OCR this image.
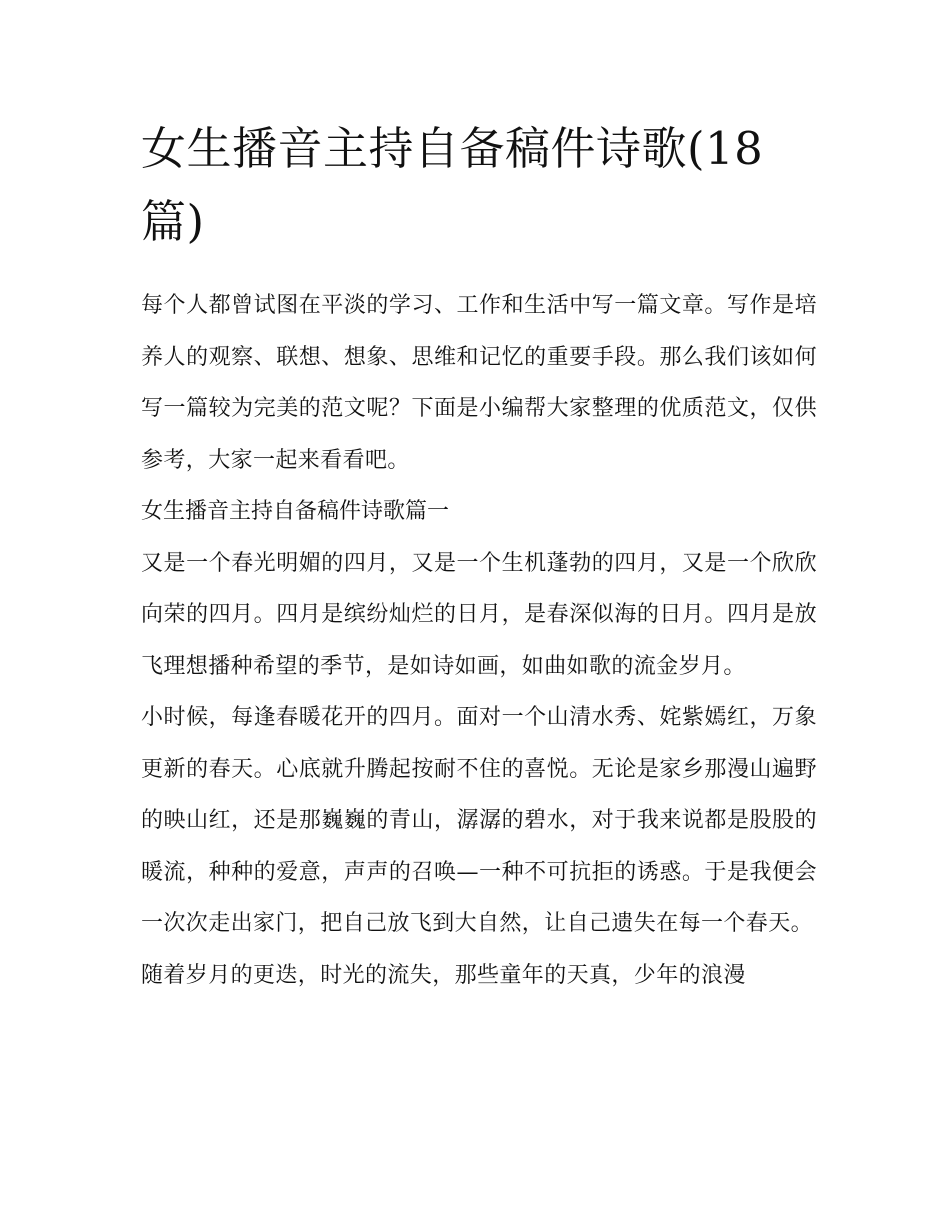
女生播音主持自备稿件诗歌(18篇)

每个人都曾试图在平淡的学习、工作和生活中写一篇文章。写作是培养人的观察、联想、想象、思维和记忆的重要手段。那么我们该如何写一篇较为完美的范文呢？下面是小编帮大家整理的优质范文，仅供参考，大家一起来看看吧。

女生播音主持自备稿件诗歌篇一

又是一个春光明媚的四月，又是一个生机蓬勃的四月，又是一个欣欣向荣的四月。四月是缤纷灿烂的日月，是春深似海的日月。四月是放飞理想播种希望的季节，是如诗如画，如曲如歌的流金岁月。

小时候，每逢春暖花开的四月。面对一个山清水秀、姹紫嫣红，万象更新的春天。心底就升腾起按耐不住的喜悦。无论是家乡那漫山遍野的映山红，还是那巍巍的青山，潺潺的碧水，对于我来说都是股股的暖流，种种的爱意，声声的召唤—一种不可抗拒的诱惑。于是我便会一次次走出家门，把自己放飞到大自然，让自己遗失在每一个春天。

随着岁月的更迭，时光的流失，那些童年的天真，少年的浪漫
